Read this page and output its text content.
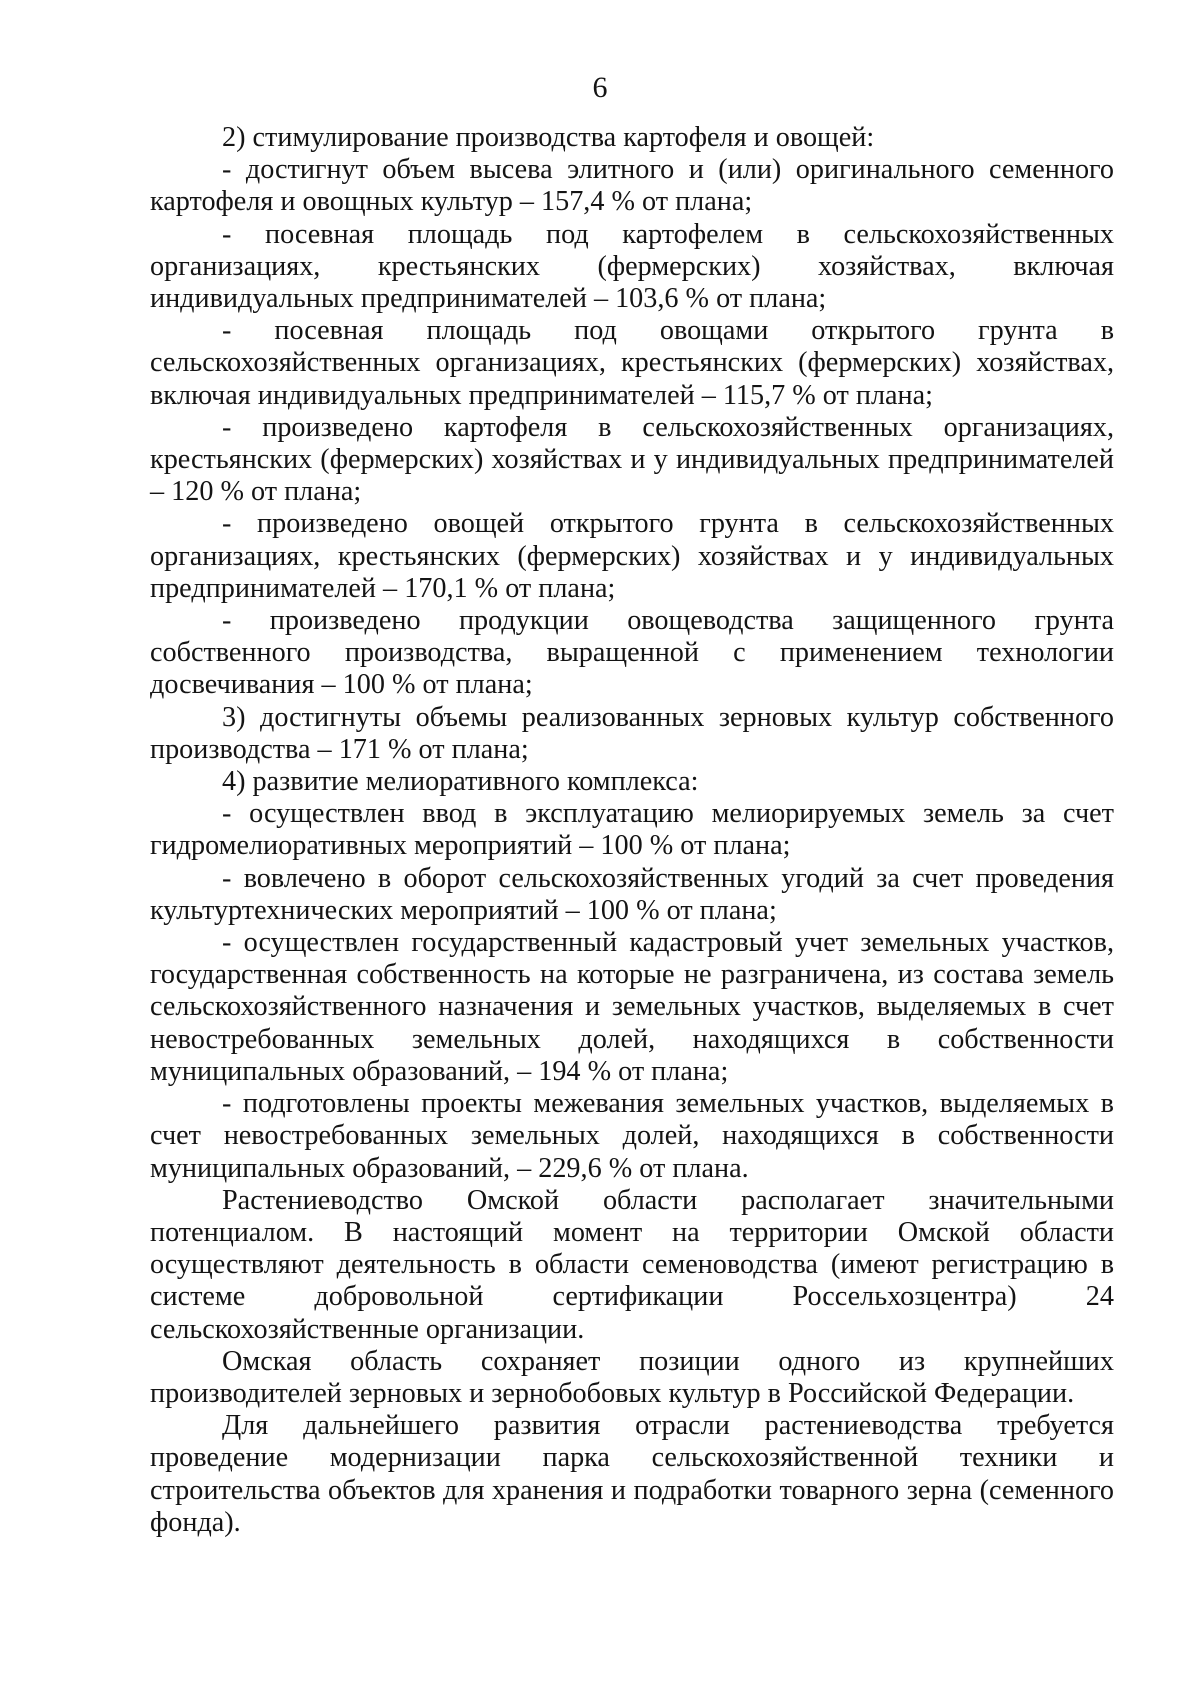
6

2) стимулирование производства картофеля и овощей:

- достигнут объем высева элитного и (или) оригинального семенного картофеля и овощных культур – 157,4 % от плана;

- посевная площадь под картофелем в сельскохозяйственных организациях, крестьянских (фермерских) хозяйствах, включая индивидуальных предпринимателей – 103,6 % от плана;

- посевная площадь под овощами открытого грунта в сельскохозяйственных организациях, крестьянских (фермерских) хозяйствах, включая индивидуальных предпринимателей – 115,7 % от плана;

- произведено картофеля в сельскохозяйственных организациях, крестьянских (фермерских) хозяйствах и у индивидуальных предпринимателей – 120 % от плана;

- произведено овощей открытого грунта в сельскохозяйственных организациях, крестьянских (фермерских) хозяйствах и у индивидуальных предпринимателей – 170,1 % от плана;

- произведено продукции овощеводства защищенного грунта собственного производства, выращенной с применением технологии досвечивания – 100 % от плана;

3) достигнуты объемы реализованных зерновых культур собственного производства – 171 % от плана;

4) развитие мелиоративного комплекса:

- осуществлен ввод в эксплуатацию мелиорируемых земель за счет гидромелиоративных мероприятий – 100 % от плана;

- вовлечено в оборот сельскохозяйственных угодий за счет проведения культуртехнических мероприятий – 100 % от плана;

- осуществлен государственный кадастровый учет земельных участков, государственная собственность на которые не разграничена, из состава земель сельскохозяйственного назначения и земельных участков, выделяемых в счет невостребованных земельных долей, находящихся в собственности муниципальных образований, – 194 % от плана;

- подготовлены проекты межевания земельных участков, выделяемых в счет невостребованных земельных долей, находящихся в собственности муниципальных образований, – 229,6 % от плана.

Растениеводство Омской области располагает значительными потенциалом. В настоящий момент на территории Омской области осуществляют деятельность в области семеноводства (имеют регистрацию в системе добровольной сертификации Россельхозцентра) 24 сельскохозяйственные организации.

Омская область сохраняет позиции одного из крупнейших производителей зерновых и зернобобовых культур в Российской Федерации.

Для дальнейшего развития отрасли растениеводства требуется проведение модернизации парка сельскохозяйственной техники и строительства объектов для хранения и подработки товарного зерна (семенного фонда).
